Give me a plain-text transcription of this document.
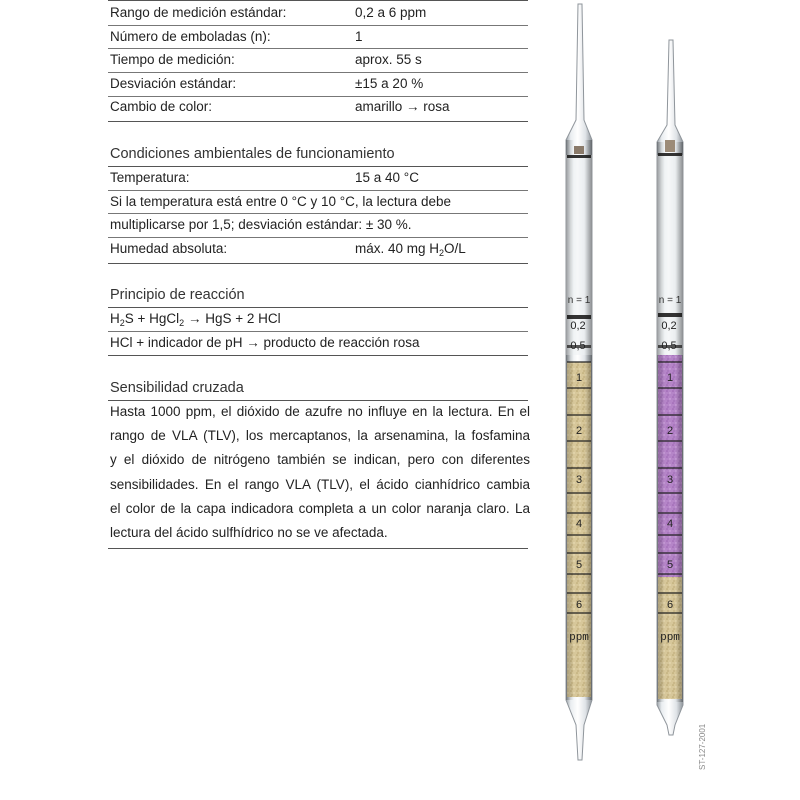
Rango de medición estándar:	0,2 a 6 ppm
Número de emboladas (n):	1
Tiempo de medición:	aprox. 55 s
Desviación estándar:	±15 a 20 %
Cambio de color:	amarillo → rosa
Condiciones ambientales de funcionamiento
Temperatura:	15 a 40 °C
Si la temperatura está entre 0 °C y 10 °C, la lectura debe
multiplicarse por 1,5; desviación estándar: ± 30 %.
Humedad absoluta:	máx. 40 mg $H_2O/L$
Principio de reacción
$H_2S$ + HgCl$_2$ → HgS + 2 HCl
HCl + indicador de pH → producto de reacción rosa
Sensibilidad cruzada
Hasta 1000 ppm, el dióxido de azufre no influye en la lectura. En el
rango de VLA (TLV), los mercaptanos, la arsenamina, la fosfamina
y el dióxido de nitrógeno también se indican, pero con diferentes
sensibilidades. En el rango VLA (TLV), el ácido cianhídrico cambia
el color de la capa indicadora completa a un color naranja claro. La
lectura del ácido sulfhídrico no se ve afectada.
n = 1
0,2
0,5
1
2
3
4
5
6
ppm
n = 1
0,2
0,5
1
2
3
4
5
6
ppm
ST-127-2001
